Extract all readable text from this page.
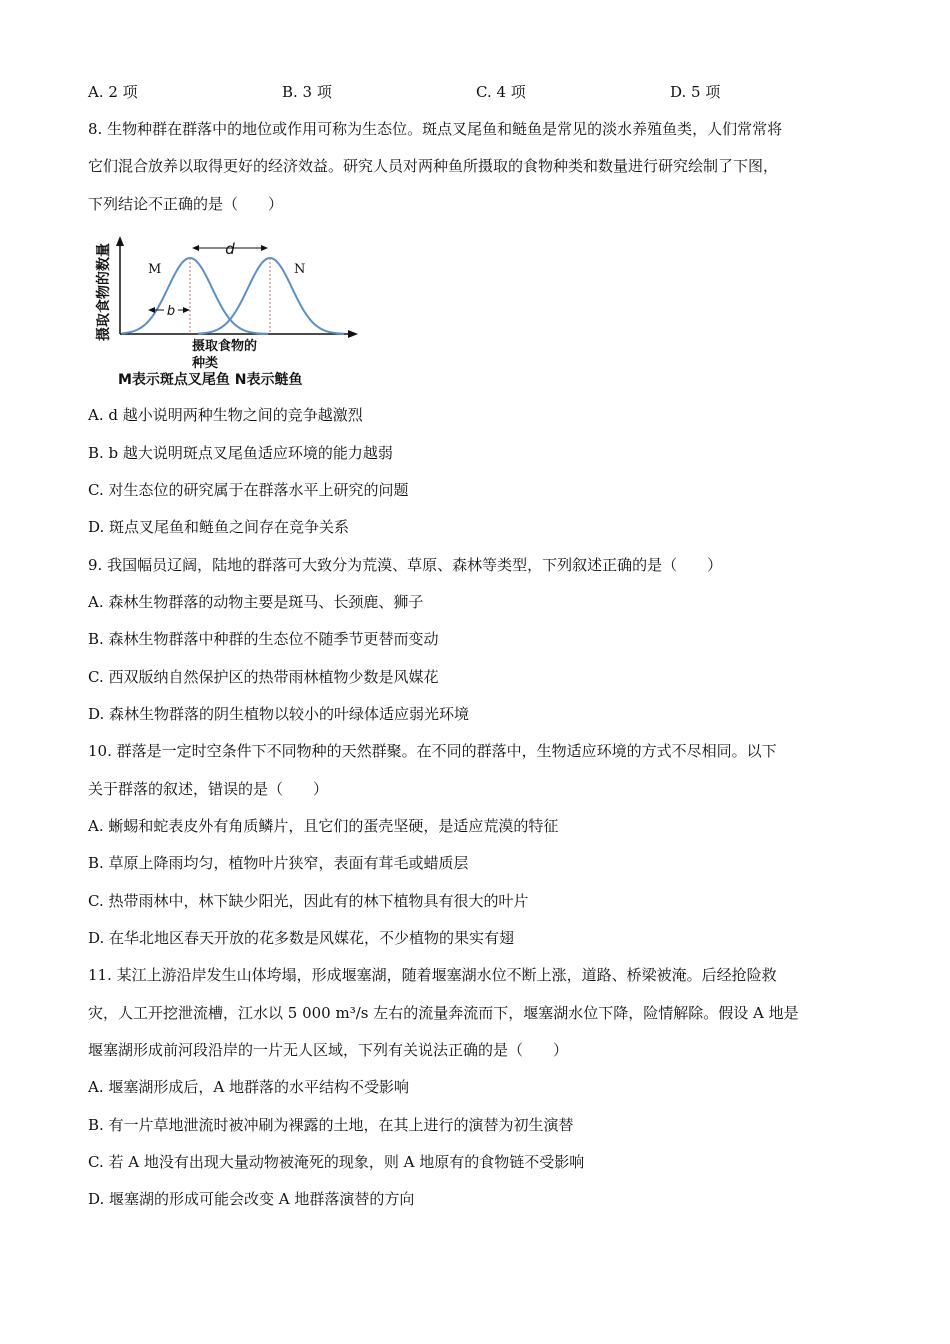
A. 2 项	B. 3 项	C. 4 项	D. 5 项
8. 生物种群在群落中的地位或作用可称为生态位。斑点叉尾鱼和鲢鱼是常见的淡水养殖鱼类，人们常常将
它们混合放养以取得更好的经济效益。研究人员对两种鱼所摄取的食物种类和数量进行研究绘制了下图，
下列结论不正确的是（　　）
摄取食物的数量	d
b
M	N
摄取食物的
种类
M表示斑点叉尾鱼 N表示鲢鱼
A. d 越小说明两种生物之间的竞争越激烈
B. b 越大说明斑点叉尾鱼适应环境的能力越弱
C. 对生态位的研究属于在群落水平上研究的问题
D. 斑点叉尾鱼和鲢鱼之间存在竞争关系
9. 我国幅员辽阔，陆地的群落可大致分为荒漠、草原、森林等类型，下列叙述正确的是（　　）
A. 森林生物群落的动物主要是斑马、长颈鹿、狮子
B. 森林生物群落中种群的生态位不随季节更替而变动
C. 西双版纳自然保护区的热带雨林植物少数是风媒花
D. 森林生物群落的阴生植物以较小的叶绿体适应弱光环境
10. 群落是一定时空条件下不同物种的天然群聚。在不同的群落中，生物适应环境的方式不尽相同。以下
关于群落的叙述，错误的是（　　）
A. 蜥蜴和蛇表皮外有角质鳞片，且它们的蛋壳坚硬，是适应荒漠的特征
B. 草原上降雨均匀，植物叶片狭窄，表面有茸毛或蜡质层
C. 热带雨林中，林下缺少阳光，因此有的林下植物具有很大的叶片
D. 在华北地区春天开放的花多数是风媒花，不少植物的果实有翅
11. 某江上游沿岸发生山体垮塌，形成堰塞湖，随着堰塞湖水位不断上涨，道路、桥梁被淹。后经抢险救
灾，人工开挖泄流槽，江水以 5 000 m³/s 左右的流量奔流而下，堰塞湖水位下降，险情解除。假设 A 地是
堰塞湖形成前河段沿岸的一片无人区域，下列有关说法正确的是（　　）
A. 堰塞湖形成后，A 地群落的水平结构不受影响
B. 有一片草地泄流时被冲刷为裸露的土地，在其上进行的演替为初生演替
C. 若 A 地没有出现大量动物被淹死的现象，则 A 地原有的食物链不受影响
D. 堰塞湖的形成可能会改变 A 地群落演替的方向
